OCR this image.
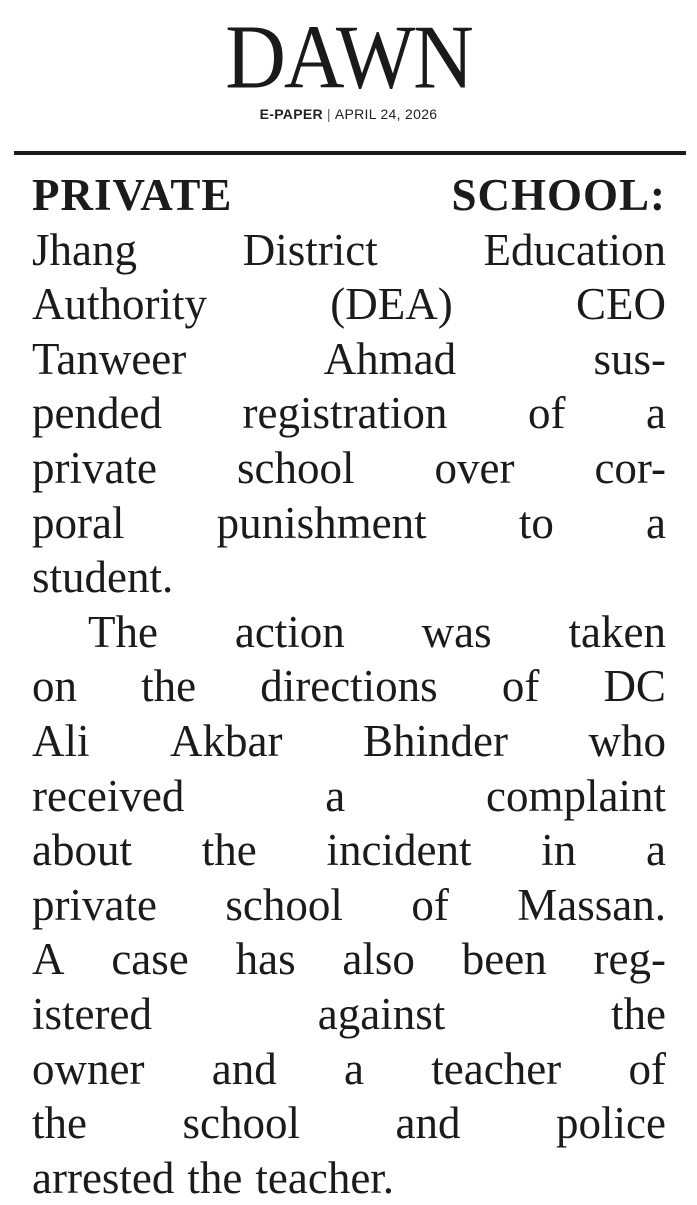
DAWN
E-PAPER | APRIL 24, 2026
PRIVATE	SCHOOL:
Jhang District Education
Authority	(DEA)	CEO
Tanweer	Ahmad	sus-
pended registration of a
private school over cor-
poral punishment to a
student.
The action was taken
on the directions of DC
Ali Akbar Bhinder who
received	a	complaint
about the incident in a
private school of Massan.
A case has also been reg-
istered	against	the
owner and a teacher of
the school and police
arrested the teacher.
